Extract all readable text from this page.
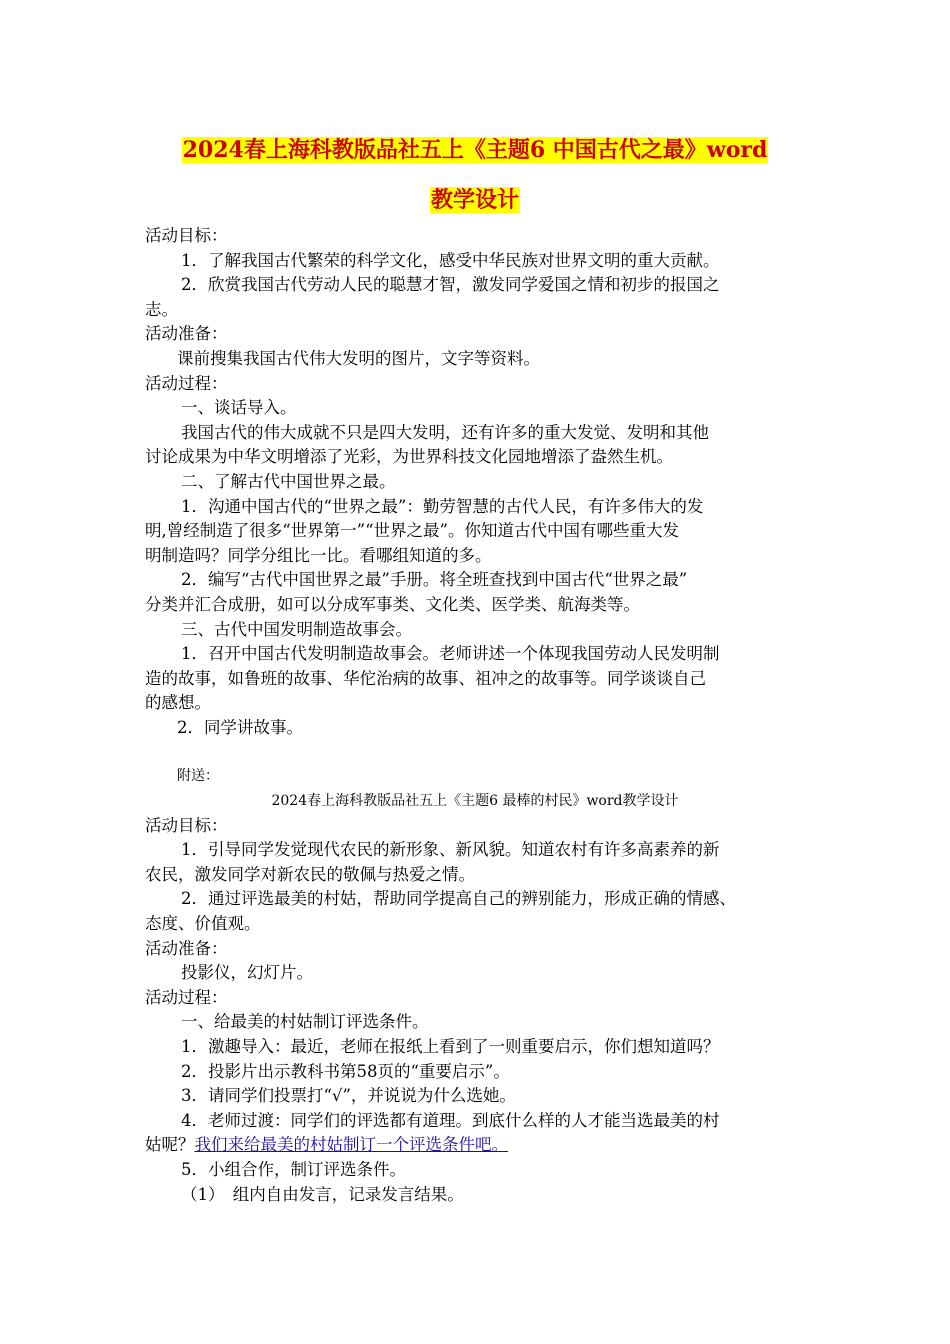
2024春上海科教版品社五上《主题6 中国古代之最》word
教学设计
活动目标：
1．了解我国古代繁荣的科学文化，感受中华民族对世界文明的重大贡献。
2．欣赏我国古代劳动人民的聪慧才智，激发同学爱国之情和初步的报国之
志。
活动准备：
课前搜集我国古代伟大发明的图片，文字等资料。
活动过程：
一、谈话导入。
我国古代的伟大成就不只是四大发明，还有许多的重大发觉、发明和其他
讨论成果为中华文明增添了光彩，为世界科技文化园地增添了盎然生机。
二、了解古代中国世界之最。
1．沟通中国古代的“世界之最”：勤劳智慧的古代人民，有许多伟大的发
明,曾经制造了很多“世界第一”“世界之最”。你知道古代中国有哪些重大发
明制造吗？同学分组比一比。看哪组知道的多。
2．编写“古代中国世界之最”手册。将全班查找到中国古代“世界之最”
分类并汇合成册，如可以分成军事类、文化类、医学类、航海类等。
三、古代中国发明制造故事会。
1．召开中国古代发明制造故事会。老师讲述一个体现我国劳动人民发明制
造的故事，如鲁班的故事、华佗治病的故事、祖冲之的故事等。同学谈谈自己
的感想。
2．同学讲故事。
附送：
2024春上海科教版品社五上《主题6 最棒的村民》word教学设计
活动目标：
1．引导同学发觉现代农民的新形象、新风貌。知道农村有许多高素养的新
农民，激发同学对新农民的敬佩与热爱之情。
2．通过评选最美的村姑，帮助同学提高自己的辨别能力，形成正确的情感、
态度、价值观。
活动准备：
投影仪，幻灯片。
活动过程：
一、给最美的村姑制订评选条件。
1．激趣导入：最近，老师在报纸上看到了一则重要启示，你们想知道吗？
2．投影片出示教科书第58页的“重要启示”。
3．请同学们投票打“√”，并说说为什么选她。
4．老师过渡：同学们的评选都有道理。到底什么样的人才能当选最美的村
姑呢？我们来给最美的村姑制订一个评选条件吧。
5．小组合作，制订评选条件。
（1）　组内自由发言，记录发言结果。
